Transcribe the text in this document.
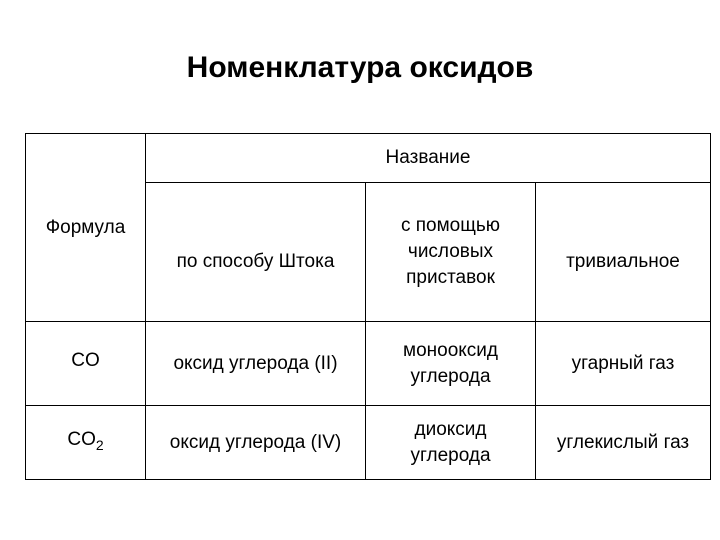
Номенклатура оксидов
Формула	Название		
	по способу Штока	с помощью числовых приставок	тривиальное
CO	оксид углерода (II)	монооксид углерода	угарный газ
$CO_2$	оксид углерода (IV)	диоксид углерода	углекислый газ
